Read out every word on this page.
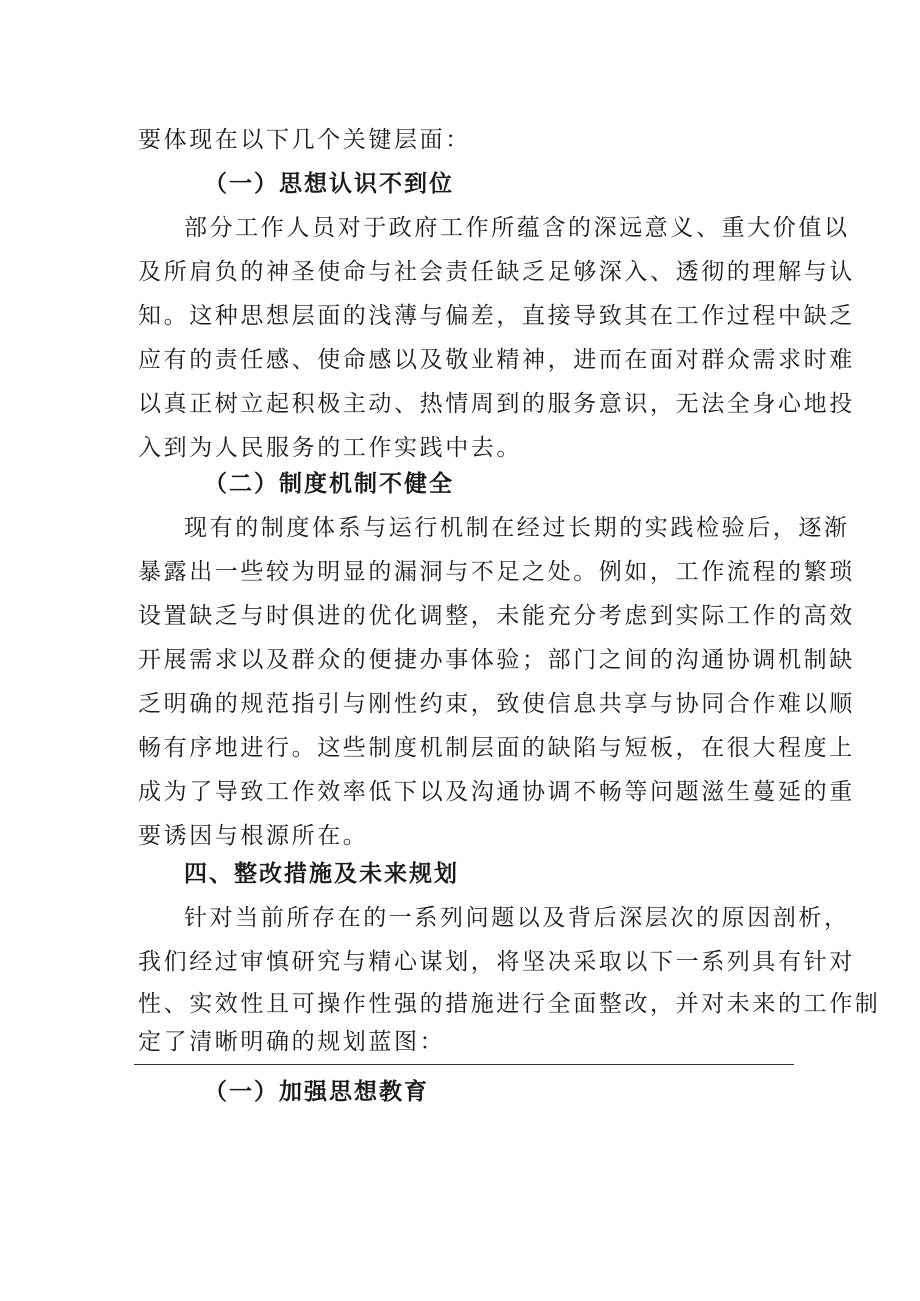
要体现在以下几个关键层面：
（一）思想认识不到位
部分工作人员对于政府工作所蕴含的深远意义、重大价值以
及所肩负的神圣使命与社会责任缺乏足够深入、透彻的理解与认
知。这种思想层面的浅薄与偏差，直接导致其在工作过程中缺乏
应有的责任感、使命感以及敬业精神，进而在面对群众需求时难
以真正树立起积极主动、热情周到的服务意识，无法全身心地投
入到为人民服务的工作实践中去。
（二）制度机制不健全
现有的制度体系与运行机制在经过长期的实践检验后，逐渐
暴露出一些较为明显的漏洞与不足之处。例如，工作流程的繁琐
设置缺乏与时俱进的优化调整，未能充分考虑到实际工作的高效
开展需求以及群众的便捷办事体验；部门之间的沟通协调机制缺
乏明确的规范指引与刚性约束，致使信息共享与协同合作难以顺
畅有序地进行。这些制度机制层面的缺陷与短板，在很大程度上
成为了导致工作效率低下以及沟通协调不畅等问题滋生蔓延的重
要诱因与根源所在。
四、整改措施及未来规划
针对当前所存在的一系列问题以及背后深层次的原因剖析，
我们经过审慎研究与精心谋划，将坚决采取以下一系列具有针对
性、实效性且可操作性强的措施进行全面整改，并对未来的工作制
定了清晰明确的规划蓝图：
（一）加强思想教育
